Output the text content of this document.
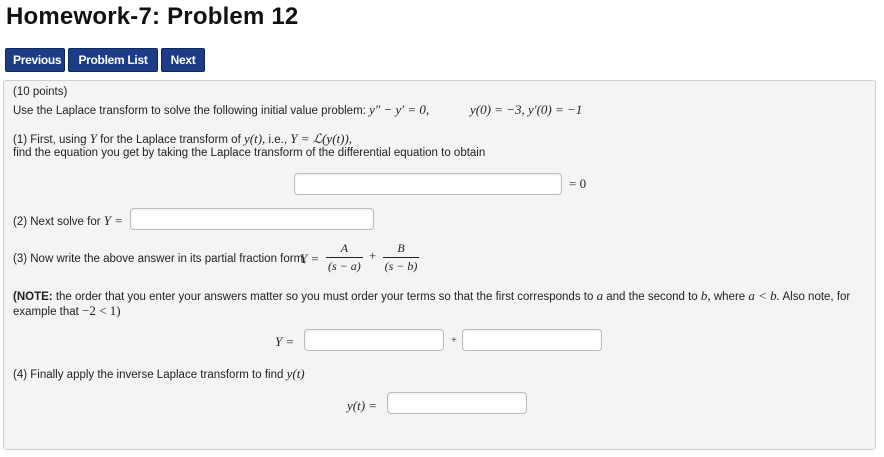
Homework-7: Problem 12
Previous	Problem List	Next
(10 points)
Use the Laplace transform to solve the following initial value problem: y″ − y′ = 0,	y(0) = −3, y′(0) = −1
(1) First, using Y for the Laplace transform of y(t), i.e., Y = ℒ(y(t)),
find the equation you get by taking the Laplace transform of the differential equation to obtain
= 0
(2) Next solve for Y =
(3) Now write the above answer in its partial fraction form,
$Y = \frac{A}{(s - a)} + \frac{B}{(s - b)}$
(NOTE: the order that you enter your answers matter so you must order your terms so that the first corresponds to a and the second to b, where a < b. Also note, for
example that −2 < 1)
Y =	+
(4) Finally apply the inverse Laplace transform to find y(t)
y(t) =
